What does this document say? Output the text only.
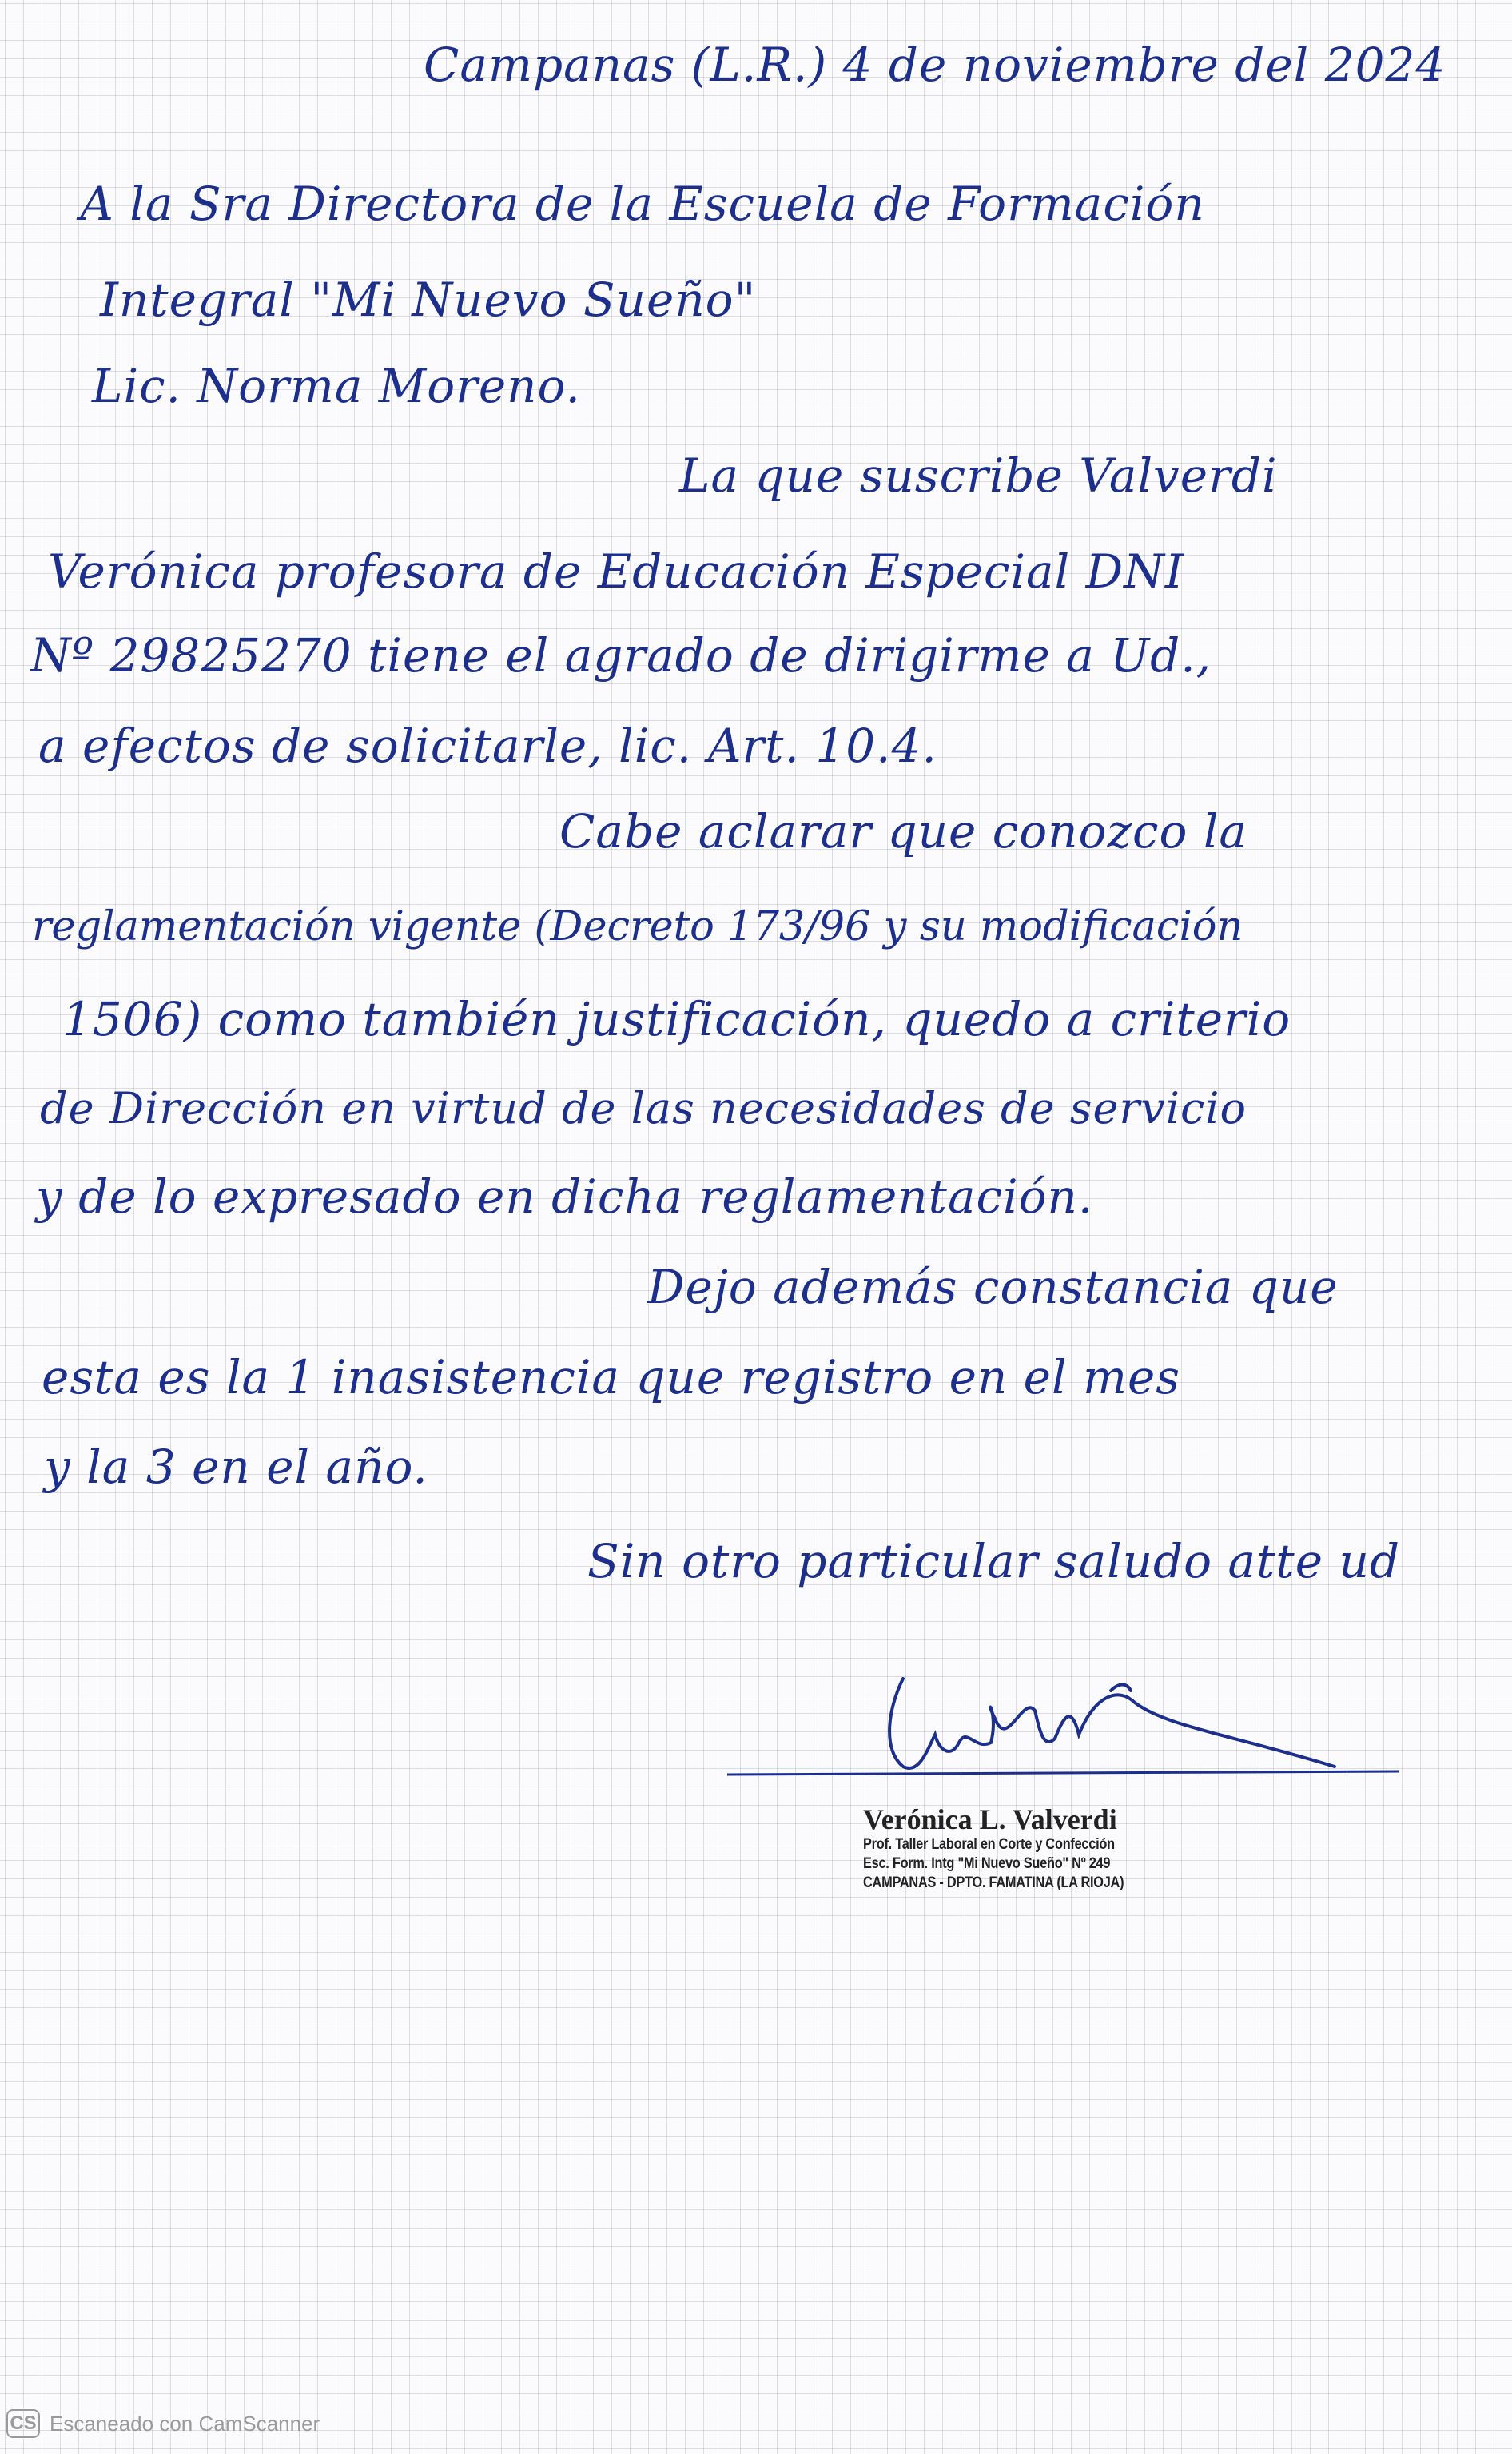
Campanas (L.R.) 4 de noviembre del 2024
A la Sra Directora de la Escuela de Formación
Integral "Mi Nuevo Sueño"
Lic. Norma Moreno.
La que suscribe Valverdi
Verónica profesora de Educación Especial DNI
Nº 29825270 tiene el agrado de dirigirme a Ud.,
a efectos de solicitarle, lic. Art. 10.4.
Cabe aclarar que conozco la
reglamentación vigente (Decreto 173/96 y su modificación
1506) como también justificación, quedo a criterio
de Dirección en virtud de las necesidades de servicio
y de lo expresado en dicha reglamentación.
Dejo además constancia que
esta es la 1 inasistencia que registro en el mes
y la 3 en el año.
Sin otro particular saludo atte ud
Verónica L. Valverdi
Prof. Taller Laboral en Corte y Confección
Esc. Form. Intg "Mi Nuevo Sueño" Nº 249
CAMPANAS - DPTO. FAMATINA (LA RIOJA)
CS Escaneado con CamScanner
